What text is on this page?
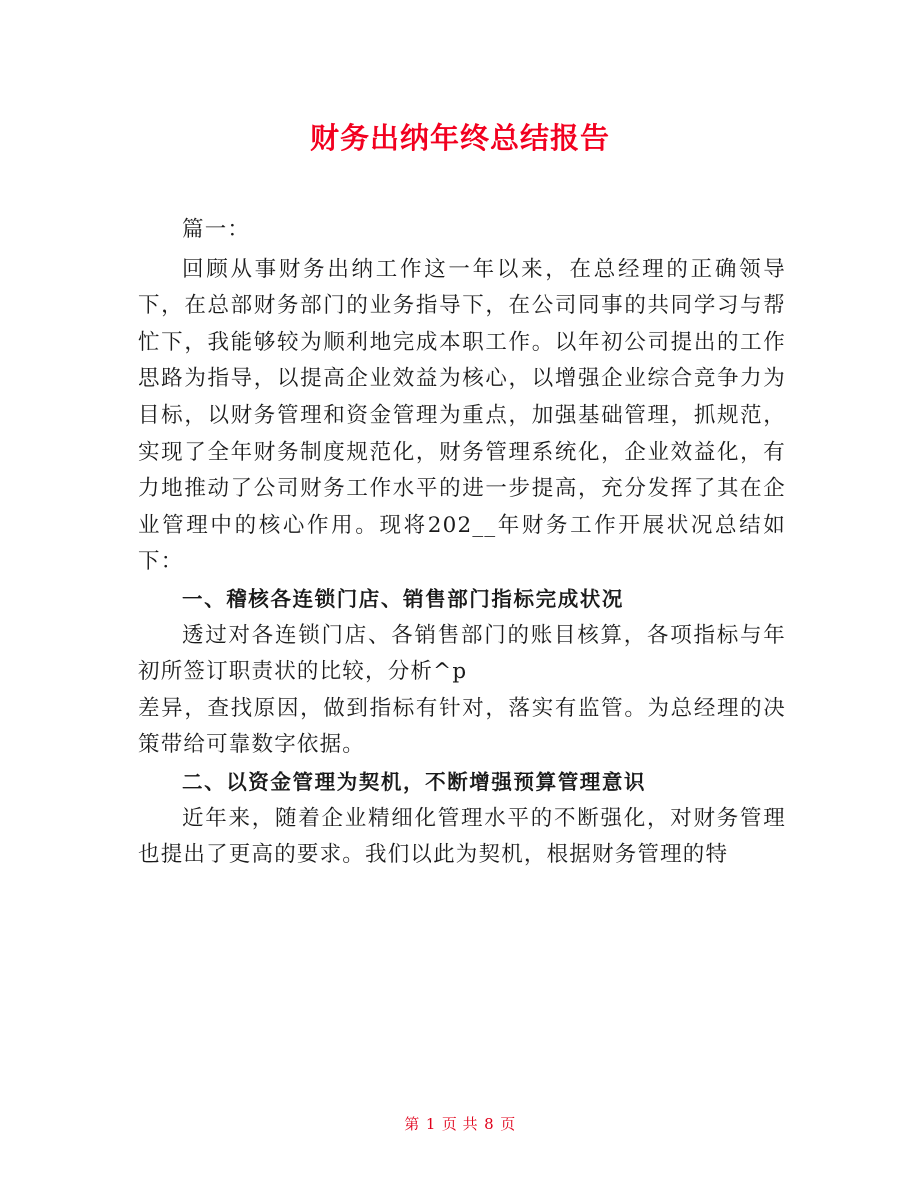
财务出纳年终总结报告

篇一：

回顾从事财务出纳工作这一年以来，在总经理的正确领导下，在总部财务部门的业务指导下，在公司同事的共同学习与帮忙下，我能够较为顺利地完成本职工作。以年初公司提出的工作思路为指导，以提高企业效益为核心，以增强企业综合竞争力为目标，以财务管理和资金管理为重点，加强基础管理，抓规范，实现了全年财务制度规范化，财务管理系统化，企业效益化，有力地推动了公司财务工作水平的进一步提高，充分发挥了其在企业管理中的核心作用。现将202__年财务工作开展状况总结如下：

一、稽核各连锁门店、销售部门指标完成状况

透过对各连锁门店、各销售部门的账目核算，各项指标与年初所签订职责状的比较，分析^p

差异，查找原因，做到指标有针对，落实有监管。为总经理的决策带给可靠数字依据。

二、以资金管理为契机，不断增强预算管理意识

近年来，随着企业精细化管理水平的不断强化，对财务管理也提出了更高的要求。我们以此为契机，根据财务管理的特

第 1 页 共 8 页
